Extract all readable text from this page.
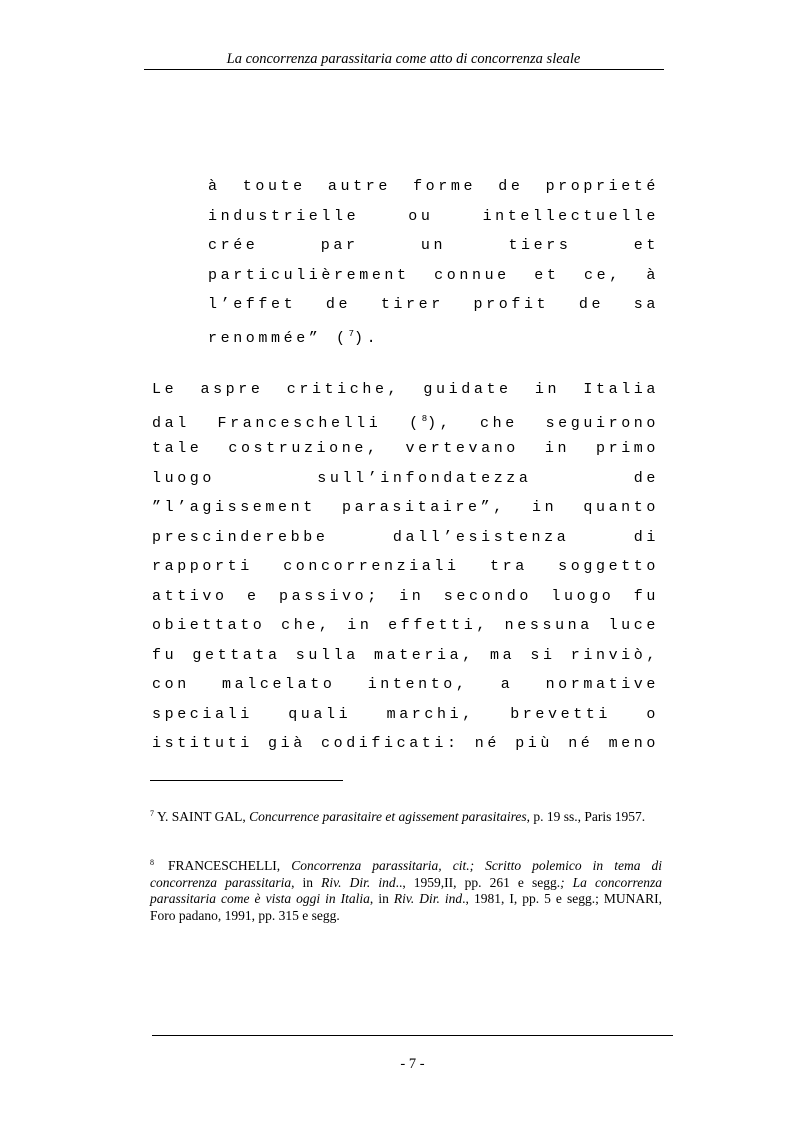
La concorrenza parassitaria come atto di concorrenza sleale
à toute autre forme de proprieté
industrielle ou intellectuelle
crée par un tiers et
particulièrement connue et ce, à
l’effet de tirer profit de sa
renommée” ($^7$).
Le aspre critiche, guidate in Italia
dal Franceschelli ($^8$), che seguirono
tale costruzione, vertevano in primo
luogo sull’infondatezza de
”l’agissement parasitaire”, in quanto
prescinderebbe dall’esistenza di
rapporti concorrenziali tra soggetto
attivo e passivo; in secondo luogo fu
obiettato che, in effetti, nessuna luce
fu gettata sulla materia, ma si rinviò,
con malcelato intento, a normative
speciali quali marchi, brevetti o
istituti già codificati: né più né meno
$^7$ Y. SAINT GAL, Concurrence parasitaire et agissement parasitaires, p. 19 ss., Paris 1957.
$^8$ FRANCESCHELLI, Concorrenza parassitaria, cit.; Scritto polemico in tema di concorrenza parassitaria, in Riv. Dir. ind.., 1959,II, pp. 261 e segg.; La concorrenza parassitaria come è vista oggi in Italia, in Riv. Dir. ind., 1981, I, pp. 5 e segg.; MUNARI, Foro padano, 1991, pp. 315 e segg.
- 7 -
